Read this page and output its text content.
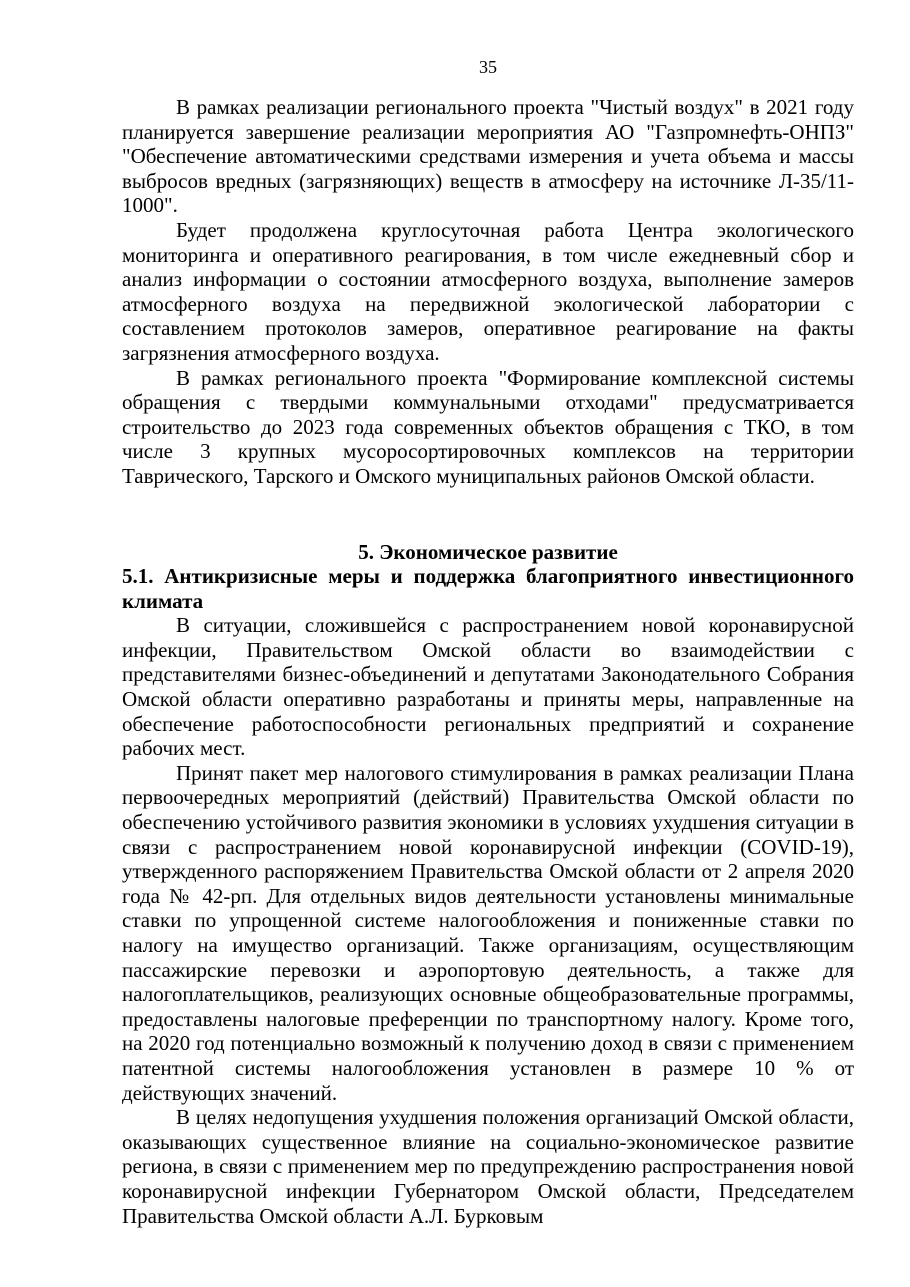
35

В рамках реализации регионального проекта "Чистый воздух" в 2021 году планируется завершение реализации мероприятия АО "Газпромнефть-ОНПЗ" "Обеспечение автоматическими средствами измерения и учета объема и массы выбросов вредных (загрязняющих) веществ в атмосферу на источнике Л-35/11-1000".

Будет продолжена круглосуточная работа Центра экологического мониторинга и оперативного реагирования, в том числе ежедневный сбор и анализ информации о состоянии атмосферного воздуха, выполнение замеров атмосферного воздуха на передвижной экологической лаборатории с составлением протоколов замеров, оперативное реагирование на факты загрязнения атмосферного воздуха.

В рамках регионального проекта "Формирование комплексной системы обращения с твердыми коммунальными отходами" предусматривается строительство до 2023 года современных объектов обращения с ТКО, в том числе 3 крупных мусоросортировочных комплексов на территории Таврического, Тарского и Омского муниципальных районов Омской области.

5. Экономическое развитие

5.1. Антикризисные меры и поддержка благоприятного инвестиционного климата

В ситуации, сложившейся с распространением новой коронавирусной инфекции, Правительством Омской области во взаимодействии с представителями бизнес-объединений и депутатами Законодательного Собрания Омской области оперативно разработаны и приняты меры, направленные на обеспечение работоспособности региональных предприятий и сохранение рабочих мест.

Принят пакет мер налогового стимулирования в рамках реализации Плана первоочередных мероприятий (действий) Правительства Омской области по обеспечению устойчивого развития экономики в условиях ухудшения ситуации в связи с распространением новой коронавирусной инфекции (COVID-19), утвержденного распоряжением Правительства Омской области от 2 апреля 2020 года № 42-рп. Для отдельных видов деятельности установлены минимальные ставки по упрощенной системе налогообложения и пониженные ставки по налогу на имущество организаций. Также организациям, осуществляющим пассажирские перевозки и аэропортовую деятельность, а также для налогоплательщиков, реализующих основные общеобразовательные программы, предоставлены налоговые преференции по транспортному налогу. Кроме того, на 2020 год потенциально возможный к получению доход в связи с применением патентной системы налогообложения установлен в размере 10 % от действующих значений.

В целях недопущения ухудшения положения организаций Омской области, оказывающих существенное влияние на социально-экономическое развитие региона, в связи с применением мер по предупреждению распространения новой коронавирусной инфекции Губернатором Омской области, Председателем Правительства Омской области А.Л. Бурковым
